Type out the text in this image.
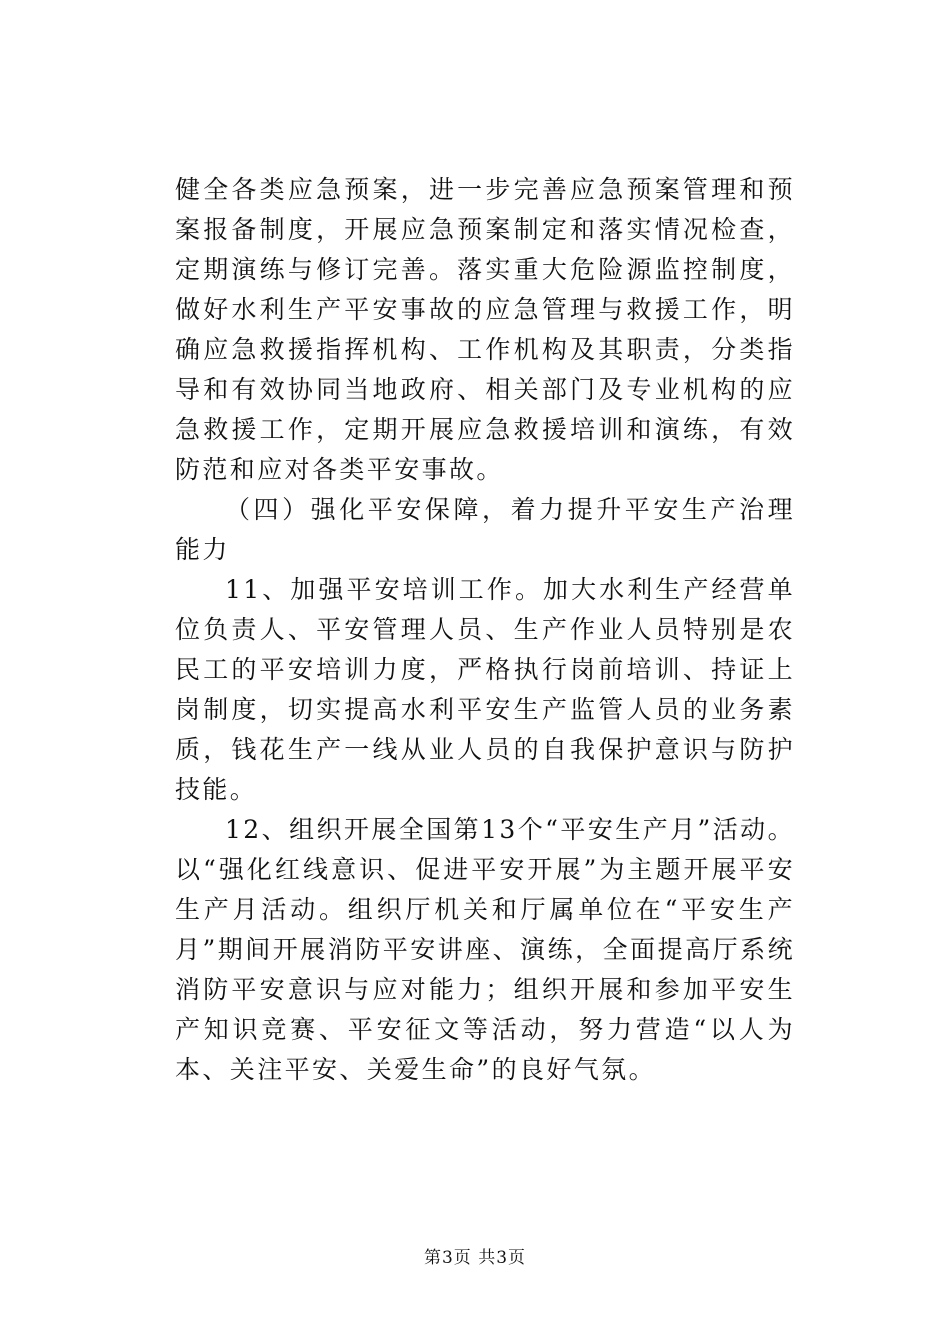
健全各类应急预案，进一步完善应急预案管理和预案报备制度，开展应急预案制定和落实情况检查，定期演练与修订完善。落实重大危险源监控制度，做好水利生产平安事故的应急管理与救援工作，明确应急救援指挥机构、工作机构及其职责，分类指导和有效协同当地政府、相关部门及专业机构的应急救援工作，定期开展应急救援培训和演练，有效防范和应对各类平安事故。

（四）强化平安保障，着力提升平安生产治理能力

11、加强平安培训工作。加大水利生产经营单位负责人、平安管理人员、生产作业人员特别是农民工的平安培训力度，严格执行岗前培训、持证上岗制度，切实提高水利平安生产监管人员的业务素质，钱花生产一线从业人员的自我保护意识与防护技能。

12、组织开展全国第13个“平安生产月”活动。以“强化红线意识、促进平安开展”为主题开展平安生产月活动。组织厅机关和厅属单位在“平安生产月”期间开展消防平安讲座、演练，全面提高厅系统消防平安意识与应对能力；组织开展和参加平安生产知识竞赛、平安征文等活动，努力营造“以人为本、关注平安、关爱生命”的良好气氛。

第3页 共3页
